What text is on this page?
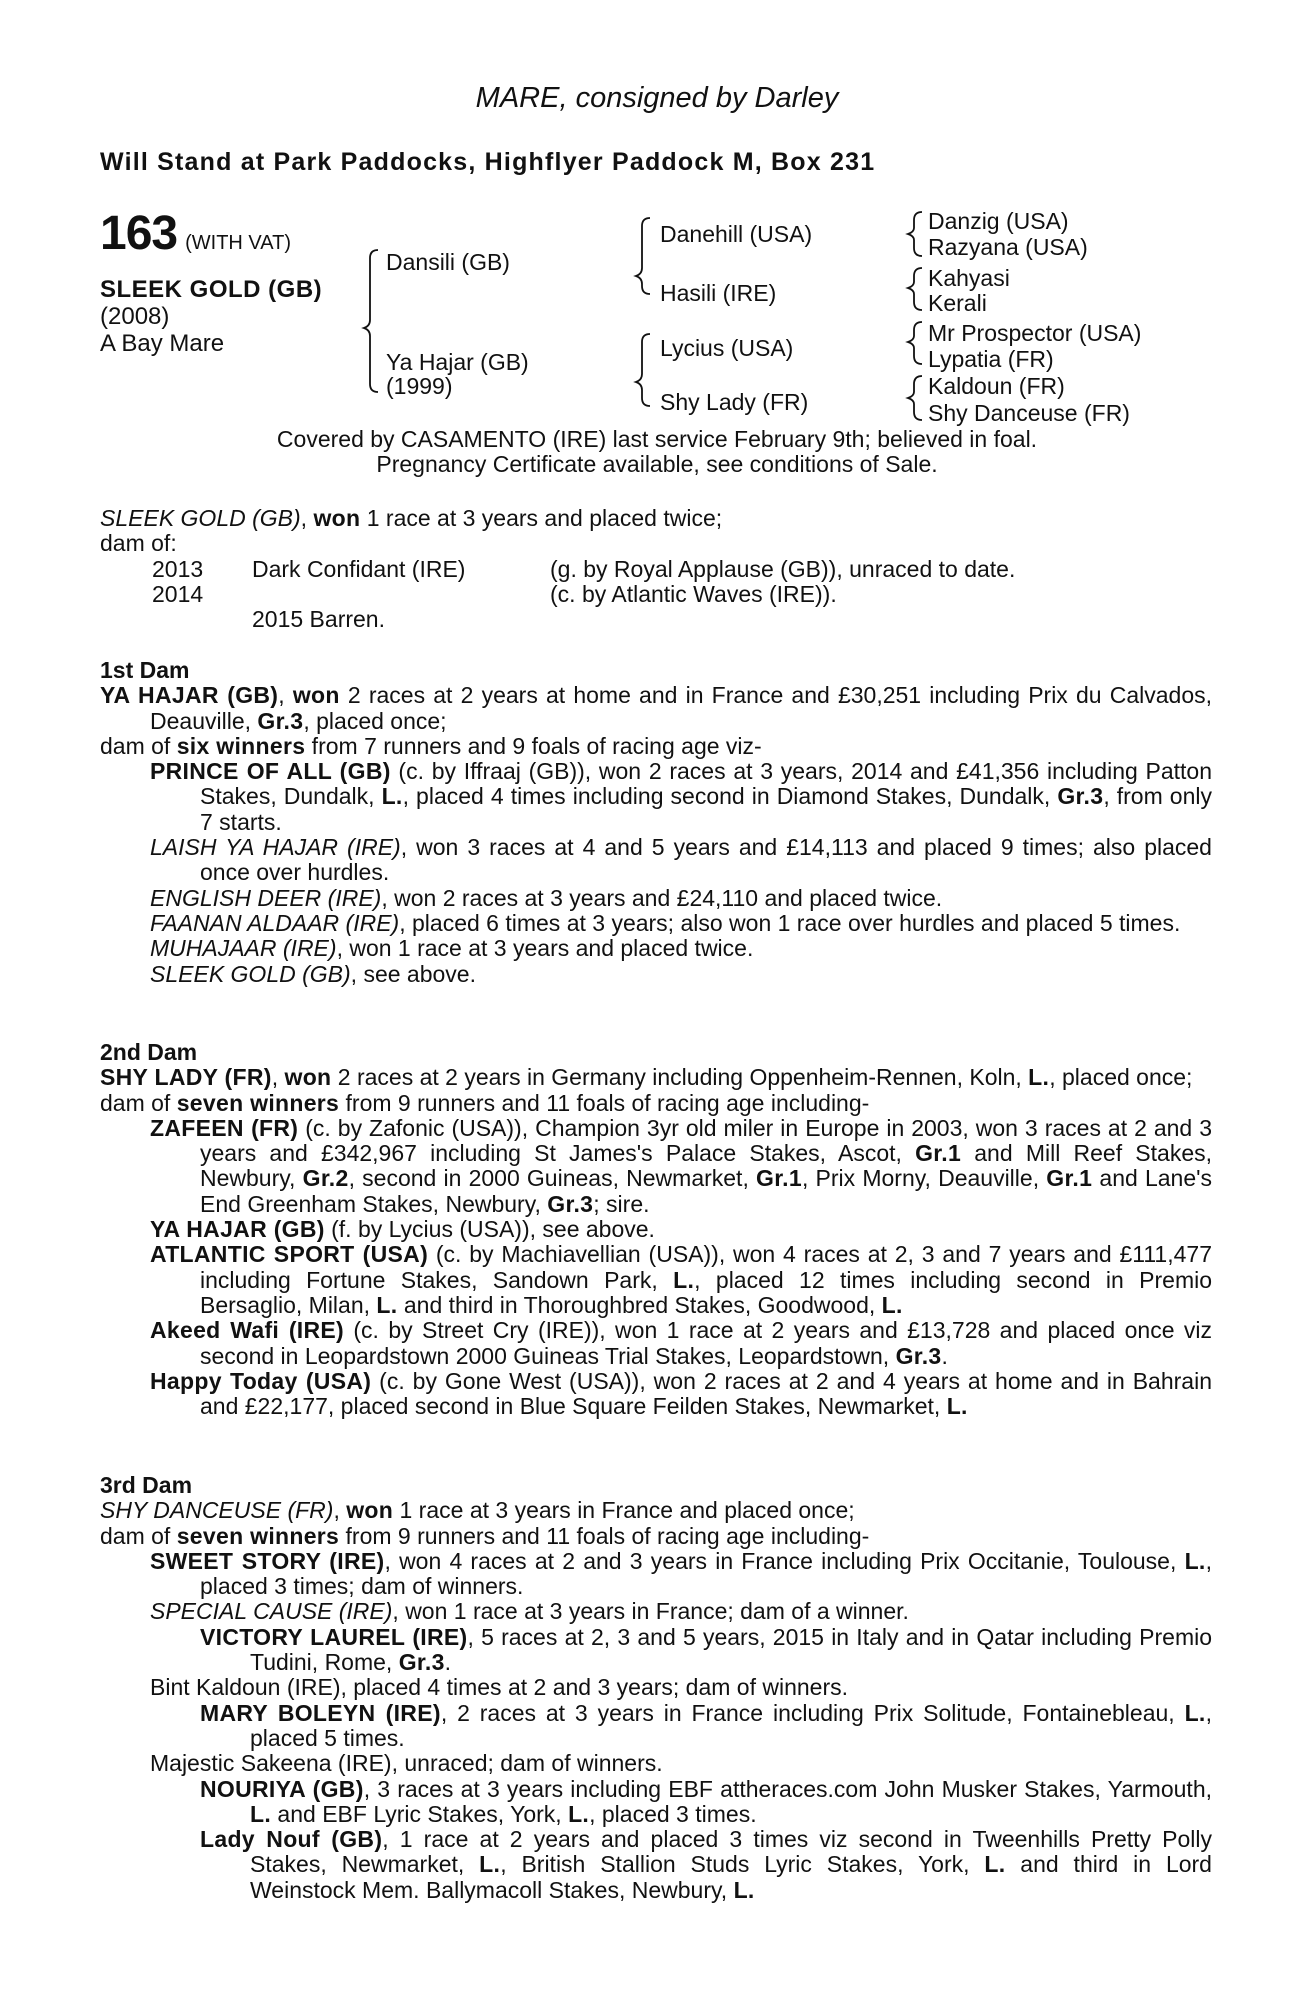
MARE, consigned by Darley
Will Stand at Park Paddocks, Highflyer Paddock M, Box 231
163 (WITH VAT)
SLEEK GOLD (GB)
(2008)
A Bay Mare
Dansili (GB)
Ya Hajar (GB)
(1999)
Danehill (USA)
Hasili (IRE)
Lycius (USA)
Shy Lady (FR)
Danzig (USA)
Razyana (USA)
Kahyasi
Kerali
Mr Prospector (USA)
Lypatia (FR)
Kaldoun (FR)
Shy Danceuse (FR)
Covered by CASAMENTO (IRE) last service February 9th; believed in foal.
Pregnancy Certificate available, see conditions of Sale.

SLEEK GOLD (GB), won 1 race at 3 years and placed twice;

dam of:

2013 Dark Confidant (IRE)	(g. by Royal Applause (GB)), unraced to date.
2014	(c. by Atlantic Waves (IRE)).
2015 Barren.

1st Dam

YA HAJAR (GB), won 2 races at 2 years at home and in France and £30,251 including Prix du Calvados, Deauville, Gr.3, placed once;

dam of six winners from 7 runners and 9 foals of racing age viz-

PRINCE OF ALL (GB) (c. by Iffraaj (GB)), won 2 races at 3 years, 2014 and £41,356 including Patton Stakes, Dundalk, L., placed 4 times including second in Diamond Stakes, Dundalk, Gr.3, from only 7 starts.

LAISH YA HAJAR (IRE), won 3 races at 4 and 5 years and £14,113 and placed 9 times; also placed once over hurdles.

ENGLISH DEER (IRE), won 2 races at 3 years and £24,110 and placed twice.

FAANAN ALDAAR (IRE), placed 6 times at 3 years; also won 1 race over hurdles and placed 5 times.

MUHAJAAR (IRE), won 1 race at 3 years and placed twice.

SLEEK GOLD (GB), see above.

2nd Dam

SHY LADY (FR), won 2 races at 2 years in Germany including Oppenheim-Rennen, Koln, L., placed once;

dam of seven winners from 9 runners and 11 foals of racing age including-

ZAFEEN (FR) (c. by Zafonic (USA)), Champion 3yr old miler in Europe in 2003, won 3 races at 2 and 3 years and £342,967 including St James's Palace Stakes, Ascot, Gr.1 and Mill Reef Stakes, Newbury, Gr.2, second in 2000 Guineas, Newmarket, Gr.1, Prix Morny, Deauville, Gr.1 and Lane's End Greenham Stakes, Newbury, Gr.3; sire.

YA HAJAR (GB) (f. by Lycius (USA)), see above.

ATLANTIC SPORT (USA) (c. by Machiavellian (USA)), won 4 races at 2, 3 and 7 years and £111,477 including Fortune Stakes, Sandown Park, L., placed 12 times including second in Premio Bersaglio, Milan, L. and third in Thoroughbred Stakes, Goodwood, L.

Akeed Wafi (IRE) (c. by Street Cry (IRE)), won 1 race at 2 years and £13,728 and placed once viz second in Leopardstown 2000 Guineas Trial Stakes, Leopardstown, Gr.3.

Happy Today (USA) (c. by Gone West (USA)), won 2 races at 2 and 4 years at home and in Bahrain and £22,177, placed second in Blue Square Feilden Stakes, Newmarket, L.

3rd Dam

SHY DANCEUSE (FR), won 1 race at 3 years in France and placed once;

dam of seven winners from 9 runners and 11 foals of racing age including-

SWEET STORY (IRE), won 4 races at 2 and 3 years in France including Prix Occitanie, Toulouse, L., placed 3 times; dam of winners.

SPECIAL CAUSE (IRE), won 1 race at 3 years in France; dam of a winner.

VICTORY LAUREL (IRE), 5 races at 2, 3 and 5 years, 2015 in Italy and in Qatar including Premio Tudini, Rome, Gr.3.

Bint Kaldoun (IRE), placed 4 times at 2 and 3 years; dam of winners.

MARY BOLEYN (IRE), 2 races at 3 years in France including Prix Solitude, Fontainebleau, L., placed 5 times.

Majestic Sakeena (IRE), unraced; dam of winners.

NOURIYA (GB), 3 races at 3 years including EBF attheraces.com John Musker Stakes, Yarmouth, L. and EBF Lyric Stakes, York, L., placed 3 times.

Lady Nouf (GB), 1 race at 2 years and placed 3 times viz second in Tweenhills Pretty Polly Stakes, Newmarket, L., British Stallion Studs Lyric Stakes, York, L. and third in Lord Weinstock Mem. Ballymacoll Stakes, Newbury, L.
